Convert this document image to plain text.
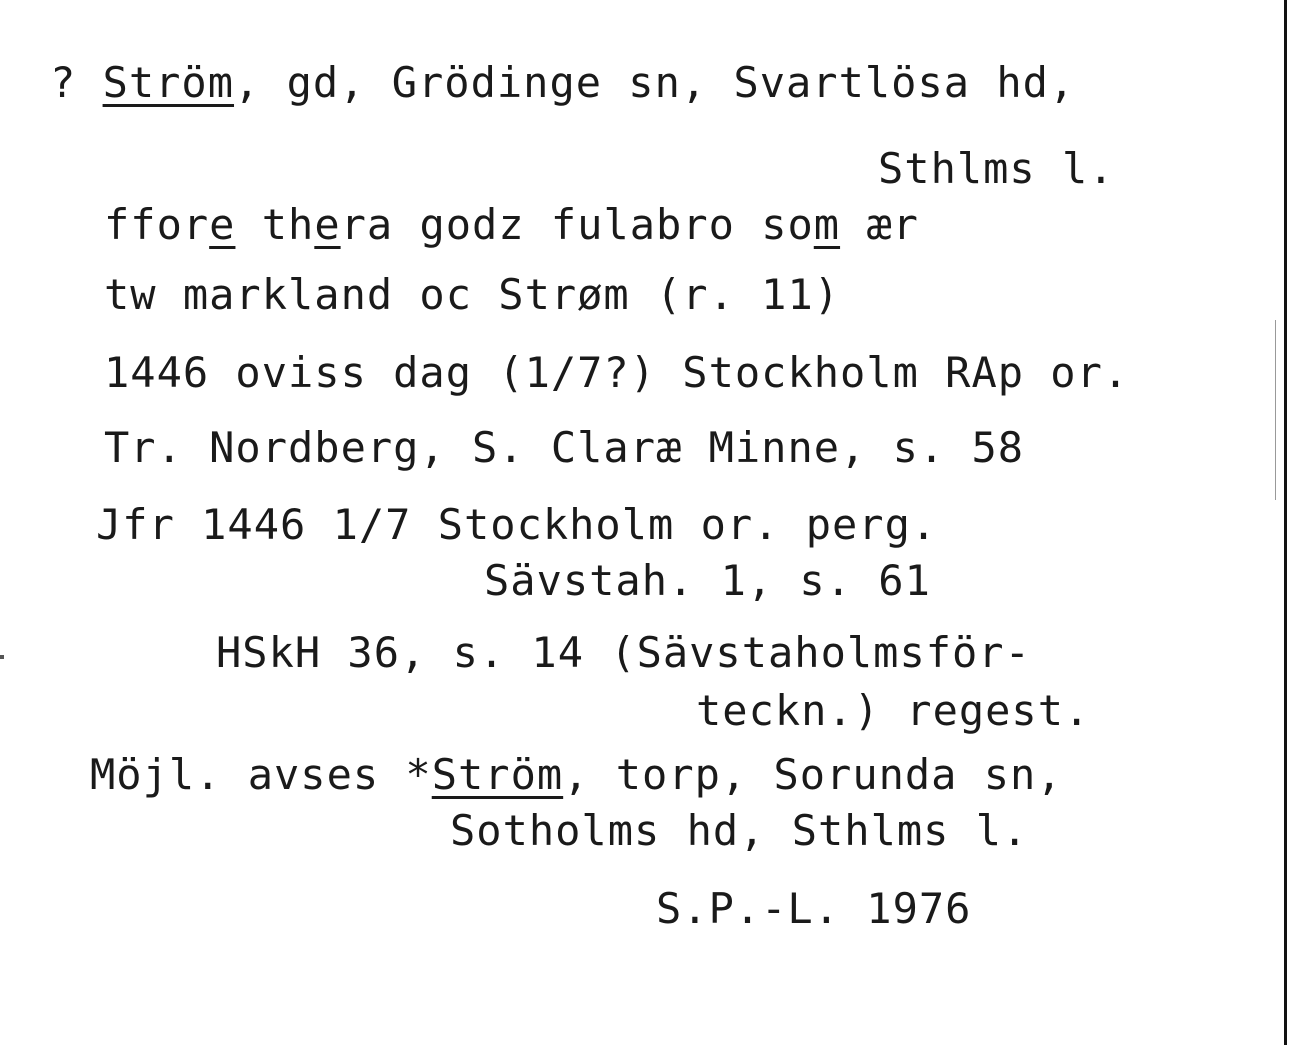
? Ström, gd, Grödinge sn, Svartlösa hd,
Sthlms l.
ffore thera godz fulabro som ær
tw markland oc Strøm (r. 11)
1446 oviss dag (1/7?) Stockholm RAp or.
Tr. Nordberg, S. Claræ Minne, s. 58
Jfr 1446 1/7 Stockholm or. perg.
Sävstah. 1, s. 61
HSkH 36, s. 14 (Sävstaholmsför-
teckn.) regest.
Möjl. avses *Ström, torp, Sorunda sn,
Sotholms hd, Sthlms l.
S.P.-L. 1976
